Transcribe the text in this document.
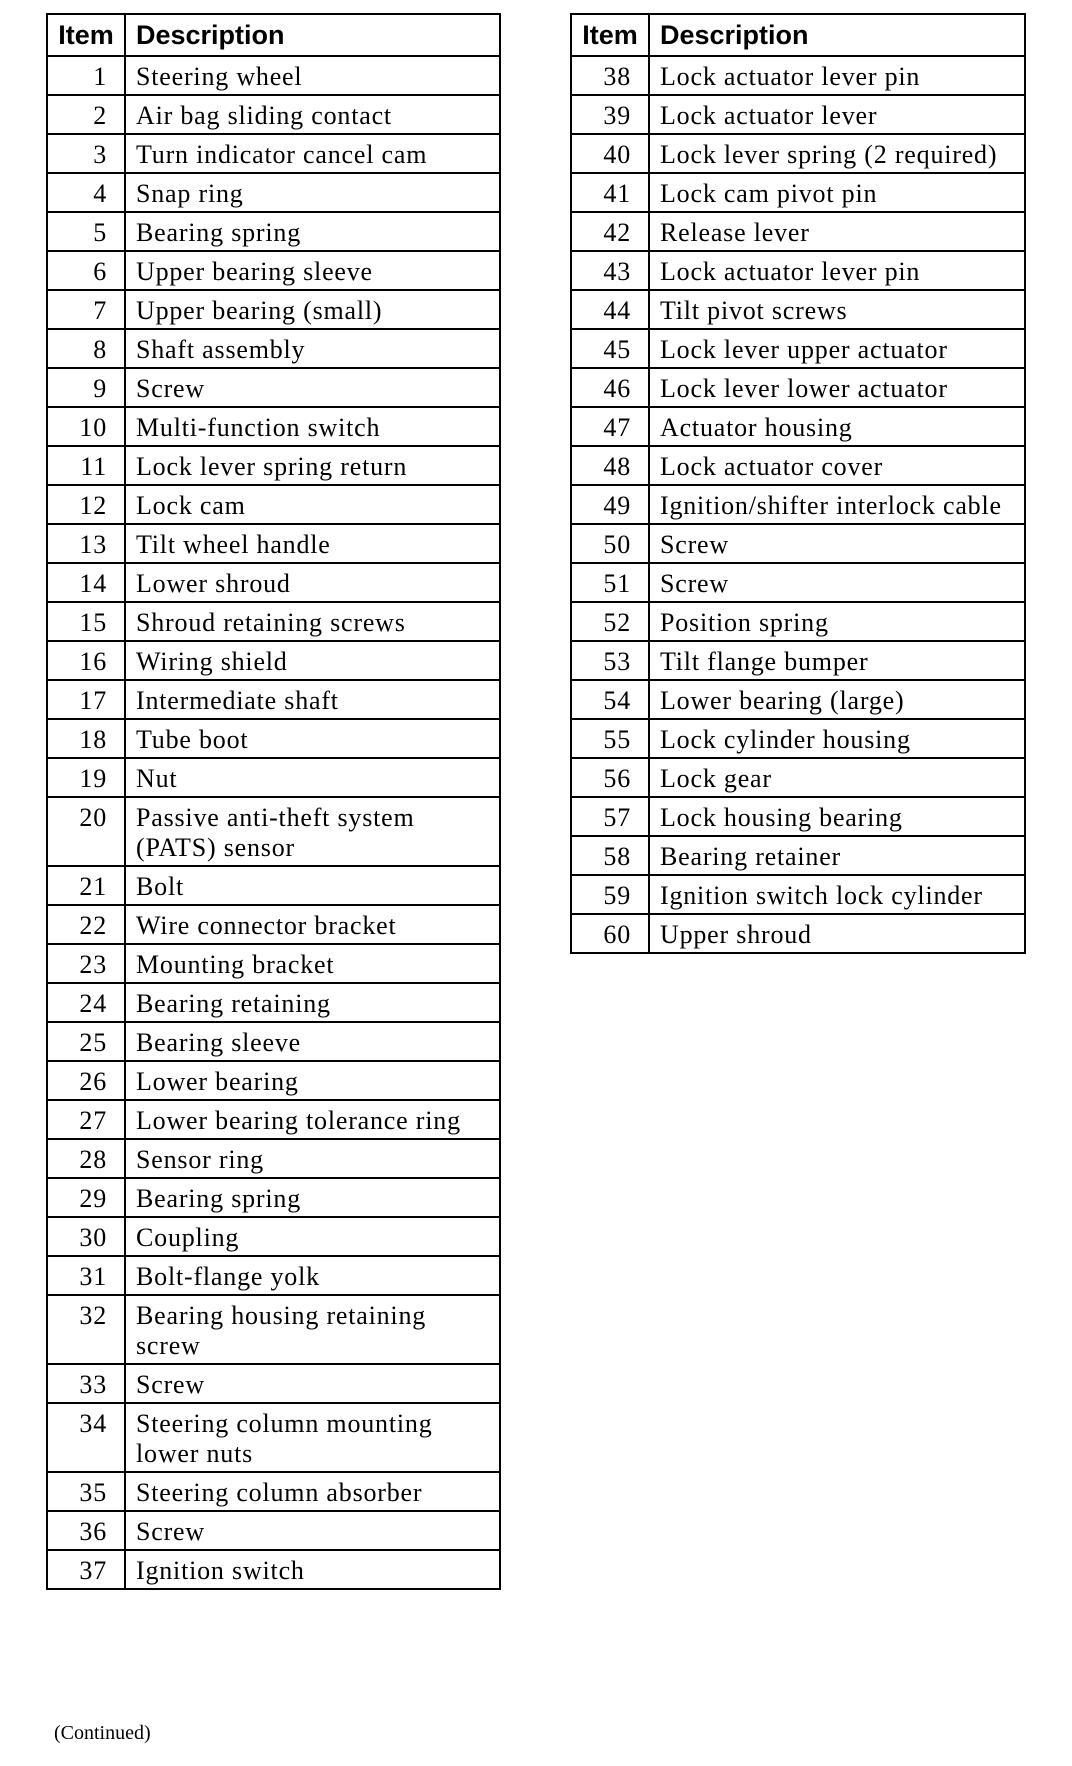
Item	Description
1	Steering wheel
2	Air bag sliding contact
3	Turn indicator cancel cam
4	Snap ring
5	Bearing spring
6	Upper bearing sleeve
7	Upper bearing (small)
8	Shaft assembly
9	Screw
10	Multi-function switch
11	Lock lever spring return
12	Lock cam
13	Tilt wheel handle
14	Lower shroud
15	Shroud retaining screws
16	Wiring shield
17	Intermediate shaft
18	Tube boot
19	Nut
20	Passive anti-theft system (PATS) sensor
21	Bolt
22	Wire connector bracket
23	Mounting bracket
24	Bearing retaining
25	Bearing sleeve
26	Lower bearing
27	Lower bearing tolerance ring
28	Sensor ring
29	Bearing spring
30	Coupling
31	Bolt-flange yolk
32	Bearing housing retaining screw
33	Screw
34	Steering column mounting lower nuts
35	Steering column absorber
36	Screw
37	Ignition switch
Item	Description
38	Lock actuator lever pin
39	Lock actuator lever
40	Lock lever spring (2 required)
41	Lock cam pivot pin
42	Release lever
43	Lock actuator lever pin
44	Tilt pivot screws
45	Lock lever upper actuator
46	Lock lever lower actuator
47	Actuator housing
48	Lock actuator cover
49	Ignition/shifter interlock cable
50	Screw
51	Screw
52	Position spring
53	Tilt flange bumper
54	Lower bearing (large)
55	Lock cylinder housing
56	Lock gear
57	Lock housing bearing
58	Bearing retainer
59	Ignition switch lock cylinder
60	Upper shroud
(Continued)
